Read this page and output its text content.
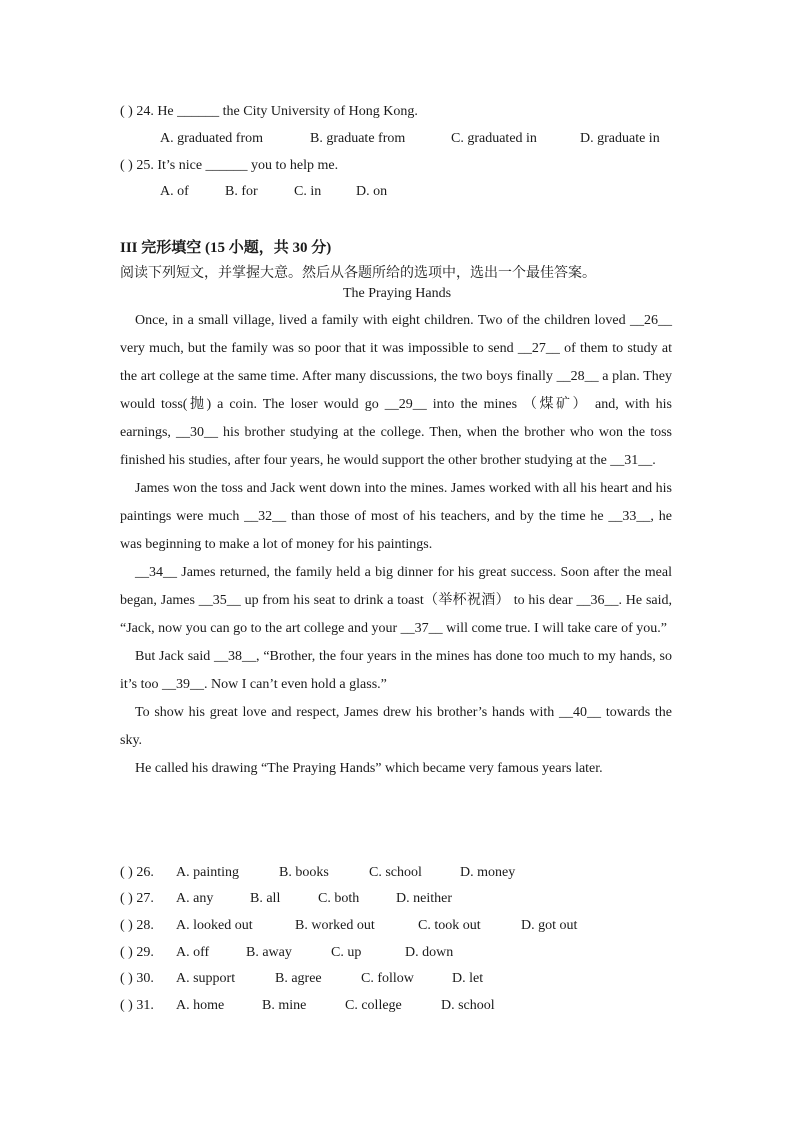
( ) 24. He ______ the City University of Hong Kong.
A. graduated from	B. graduate from	C. graduated in	D. graduate in
( ) 25. It’s nice ______ you to help me.
A. of	B. for	C. in D. on
III 完形填空 (15 小题，共 30 分)
阅读下列短文，并掌握大意。然后从各题所给的选项中，选出一个最佳答案。
The Praying Hands

Once, in a small village, lived a family with eight children. Two of the children loved __26__ very much, but the family was so poor that it was impossible to send __27__ of them to study at the art college at the same time. After many discussions, the two boys finally __28__ a plan. They would toss(抛) a coin. The loser would go __29__ into the mines （煤矿） and, with his earnings, __30__ his brother studying at the college. Then, when the brother who won the toss finished his studies, after four years, he would support the other brother studying at the __31__.

James won the toss and Jack went down into the mines. James worked with all his heart and his paintings were much __32__ than those of most of his teachers, and by the time he __33__, he was beginning to make a lot of money for his paintings.

__34__ James returned, the family held a big dinner for his great success. Soon after the meal began, James __35__ up from his seat to drink a toast（举杯祝酒） to his dear __36__. He said, “Jack, now you can go to the art college and your __37__ will come true. I will take care of you.”

But Jack said __38__, “Brother, the four years in the mines has done too much to my hands, so it’s too __39__. Now I can’t even hold a glass.”

To show his great love and respect, James drew his brother’s hands with __40__ towards the sky.

He called his drawing “The Praying Hands” which became very famous years later.

( ) 26. A. painting	B. books	C. school	D. money
( ) 27. A. any	B. all	C. both	D. neither
( ) 28. A. looked out	B. worked out	C. took out	D. got out
( ) 29. A. off	B. away	C. up	D. down
( ) 30. A. support	B. agree	C. follow	D. let
( ) 31. A. home	B. mine	C. college	D. school
